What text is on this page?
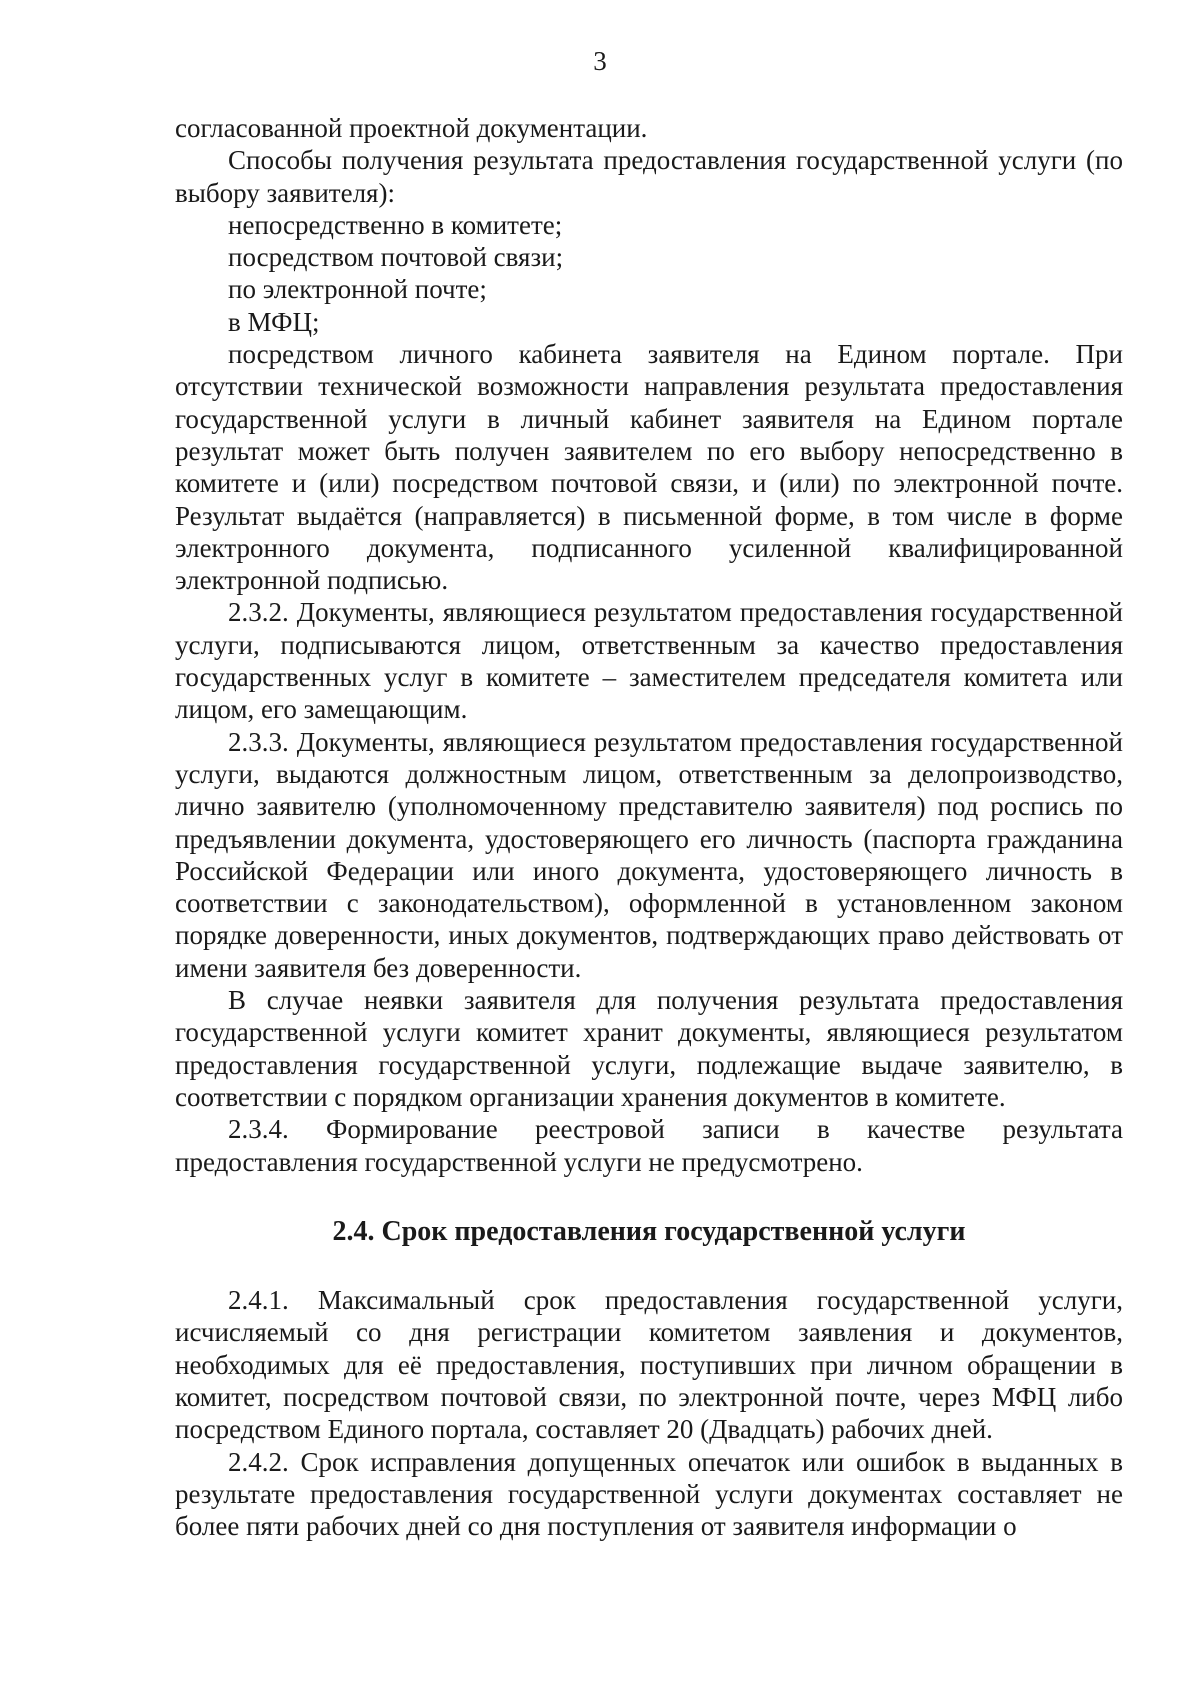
3

согласованной проектной документации.

Способы получения результата предоставления государственной услуги (по выбору заявителя):

непосредственно в комитете;

посредством почтовой связи;

по электронной почте;

в МФЦ;

посредством личного кабинета заявителя на Едином портале. При отсутствии технической возможности направления результата предоставления государственной услуги в личный кабинет заявителя на Едином портале результат может быть получен заявителем по его выбору непосредственно в комитете и (или) посредством почтовой связи, и (или) по электронной почте. Результат выдаётся (направляется) в письменной форме, в том числе в форме электронного документа, подписанного усиленной квалифицированной электронной подписью.

2.3.2. Документы, являющиеся результатом предоставления государственной услуги, подписываются лицом, ответственным за качество предоставления государственных услуг в комитете – заместителем председателя комитета или лицом, его замещающим.

2.3.3. Документы, являющиеся результатом предоставления государственной услуги, выдаются должностным лицом, ответственным за делопроизводство, лично заявителю (уполномоченному представителю заявителя) под роспись по предъявлении документа, удостоверяющего его личность (паспорта гражданина Российской Федерации или иного документа, удостоверяющего личность в соответствии с законодательством), оформленной в установленном законом порядке доверенности, иных документов, подтверждающих право действовать от имени заявителя без доверенности.

В случае неявки заявителя для получения результата предоставления государственной услуги комитет хранит документы, являющиеся результатом предоставления государственной услуги, подлежащие выдаче заявителю, в соответствии с порядком организации хранения документов в комитете.

2.3.4. Формирование реестровой записи в качестве результата предоставления государственной услуги не предусмотрено.

2.4. Срок предоставления государственной услуги

2.4.1. Максимальный срок предоставления государственной услуги, исчисляемый со дня регистрации комитетом заявления и документов, необходимых для её предоставления, поступивших при личном обращении в комитет, посредством почтовой связи, по электронной почте, через МФЦ либо посредством Единого портала, составляет 20 (Двадцать) рабочих дней.

2.4.2. Срок исправления допущенных опечаток или ошибок в выданных в результате предоставления государственной услуги документах составляет не более пяти рабочих дней со дня поступления от заявителя информации о
